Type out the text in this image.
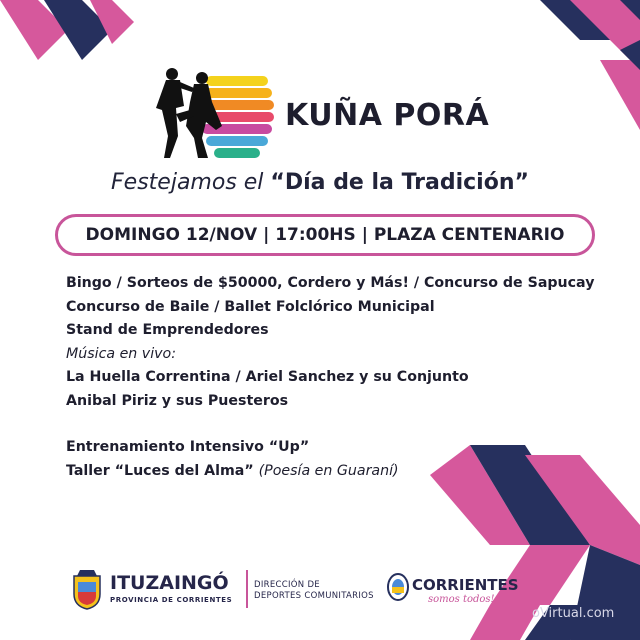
KUÑA PORÁ
Festejamos el “Día de la Tradición”
DOMINGO 12/NOV | 17:00HS | PLAZA CENTENARIO
Bingo / Sorteos de $50000, Cordero y Más! / Concurso de Sapucay
Concurso de Baile / Ballet Folclórico Municipal
Stand de Emprendedores
Música en vivo:
La Huella Correntina / Ariel Sanchez y su Conjunto
Anibal Piriz y sus Puesteros
Entrenamiento Intensivo “Up”
Taller “Luces del Alma” (Poesía en Guaraní)
ITUZAINGÓ
PROVINCIA DE CORRIENTES
DIRECCIÓN DE
DEPORTES COMUNITARIOS
CORRIENTES
somos todos!
oVirtual.com
